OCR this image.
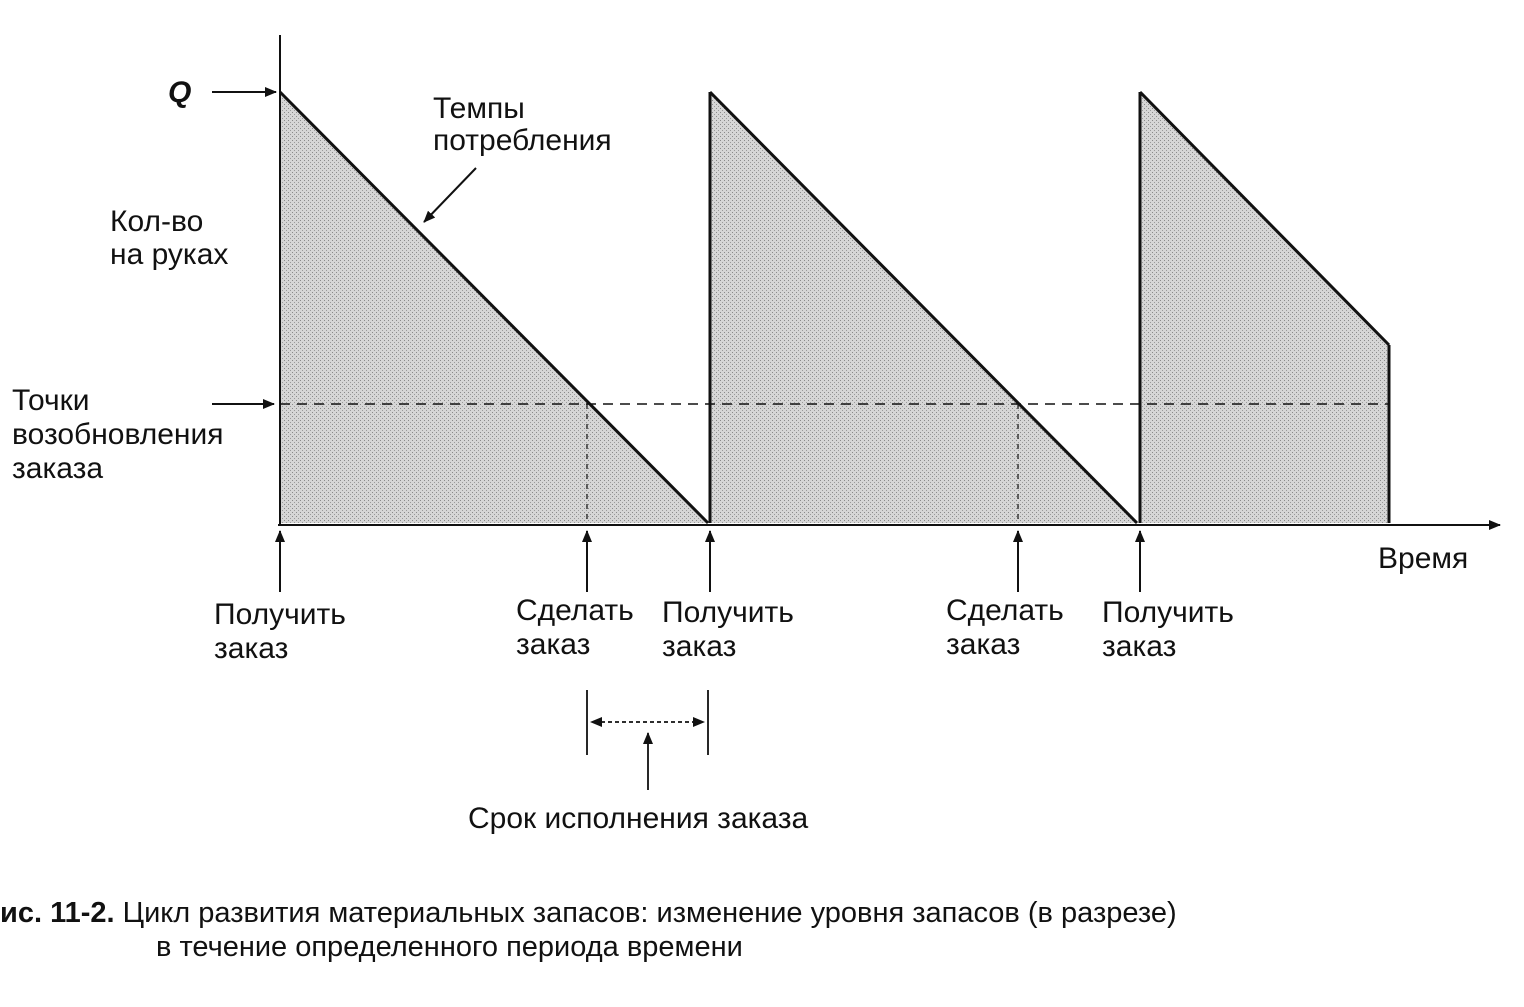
Q	Темпы
потребления
Кол-во
на руках
Точки
возобновления
заказа
Время
Получить
заказ
Сделать
заказ
Получить
заказ
Сделать
заказ
Получить
заказ
Срок исполнения заказа
ис. 11-2. Цикл развития материальных запасов: изменение уровня запасов (в разрезе)
в течение определенного периода времени
